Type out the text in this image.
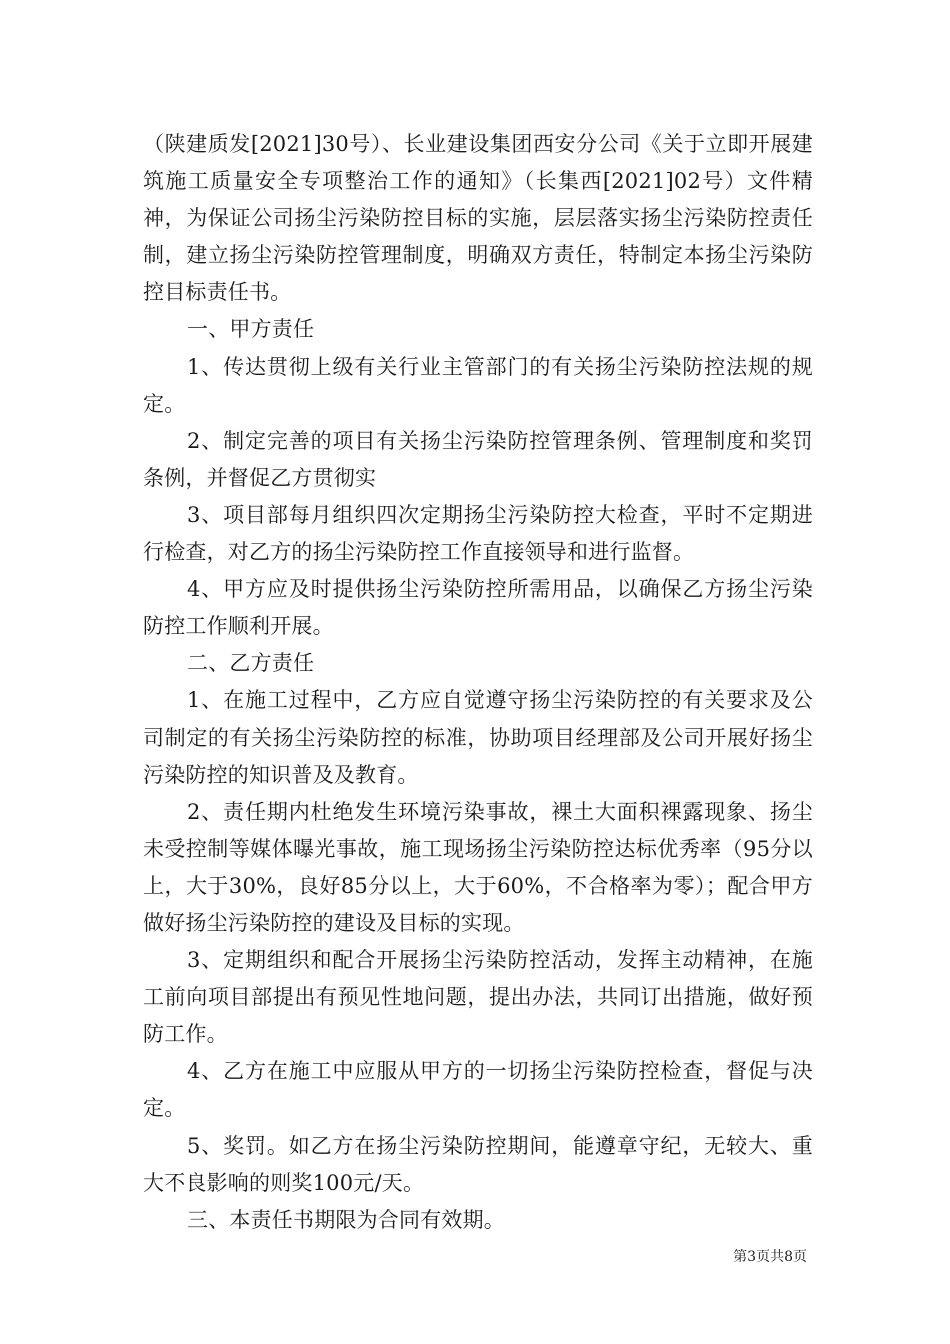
（陕建质发[2021]30号）、长业建设集团西安分公司《关于立即开展建筑施工质量安全专项整治工作的通知》（长集西[2021]02号）文件精神，为保证公司扬尘污染防控目标的实施，层层落实扬尘污染防控责任制，建立扬尘污染防控管理制度，明确双方责任，特制定本扬尘污染防控目标责任书。

一、甲方责任

1、传达贯彻上级有关行业主管部门的有关扬尘污染防控法规的规定。

2、制定完善的项目有关扬尘污染防控管理条例、管理制度和奖罚条例，并督促乙方贯彻实

3、项目部每月组织四次定期扬尘污染防控大检查，平时不定期进行检查，对乙方的扬尘污染防控工作直接领导和进行监督。

4、甲方应及时提供扬尘污染防控所需用品，以确保乙方扬尘污染防控工作顺利开展。

二、乙方责任

1、在施工过程中，乙方应自觉遵守扬尘污染防控的有关要求及公司制定的有关扬尘污染防控的标准，协助项目经理部及公司开展好扬尘污染防控的知识普及及教育。

2、责任期内杜绝发生环境污染事故，裸土大面积裸露现象、扬尘未受控制等媒体曝光事故，施工现场扬尘污染防控达标优秀率（95分以上，大于30%，良好85分以上，大于60%，不合格率为零）；配合甲方做好扬尘污染防控的建设及目标的实现。

3、定期组织和配合开展扬尘污染防控活动，发挥主动精神，在施工前向项目部提出有预见性地问题，提出办法，共同订出措施，做好预防工作。

4、乙方在施工中应服从甲方的一切扬尘污染防控检查，督促与决定。

5、奖罚。如乙方在扬尘污染防控期间，能遵章守纪，无较大、重大不良影响的则奖100元/天。

三、本责任书期限为合同有效期。

第3页共8页
